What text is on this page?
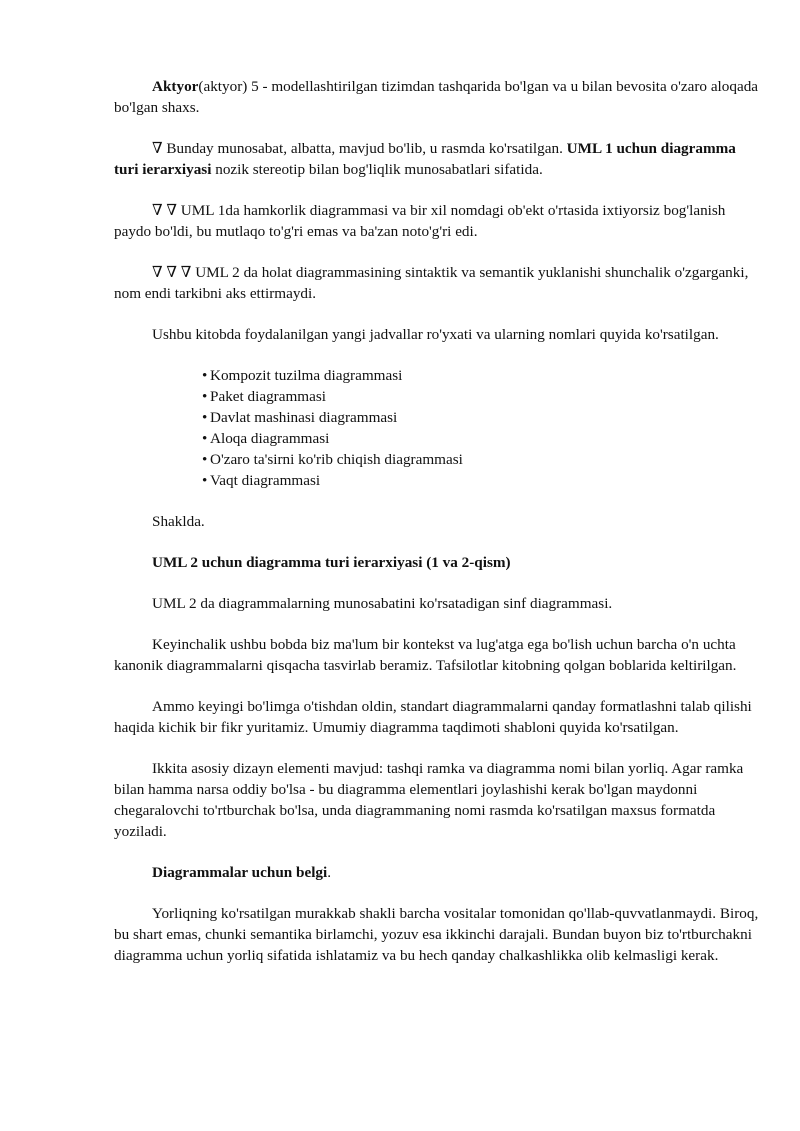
Aktyor(aktyor) 5 - modellashtirilgan tizimdan tashqarida bo'lgan va u bilan bevosita o'zaro aloqada bo'lgan shaxs.

∇ Bunday munosabat, albatta, mavjud bo'lib, u rasmda ko'rsatilgan. UML 1 uchun diagramma turi ierarxiyasi nozik stereotip bilan bog'liqlik munosabatlari sifatida.

∇ ∇ UML 1da hamkorlik diagrammasi va bir xil nomdagi ob'ekt o'rtasida ixtiyorsiz bog'lanish paydo bo'ldi, bu mutlaqo to'g'ri emas va ba'zan noto'g'ri edi.

∇ ∇ ∇ UML 2 da holat diagrammasining sintaktik va semantik yuklanishi shunchalik o'zgarganki, nom endi tarkibni aks ettirmaydi.

Ushbu kitobda foydalanilgan yangi jadvallar ro'yxati va ularning nomlari quyida ko'rsatilgan.

• Kompozit tuzilma diagrammasi
• Paket diagrammasi
• Davlat mashinasi diagrammasi
• Aloqa diagrammasi
• O'zaro ta'sirni ko'rib chiqish diagrammasi
• Vaqt diagrammasi

Shaklda.

UML 2 uchun diagramma turi ierarxiyasi (1 va 2-qism)

UML 2 da diagrammalarning munosabatini ko'rsatadigan sinf diagrammasi.

Keyinchalik ushbu bobda biz ma'lum bir kontekst va lug'atga ega bo'lish uchun barcha o'n uchta kanonik diagrammalarni qisqacha tasvirlab beramiz. Tafsilotlar kitobning qolgan boblarida keltirilgan.

Ammo keyingi bo'limga o'tishdan oldin, standart diagrammalarni qanday formatlashni talab qilishi haqida kichik bir fikr yuritamiz. Umumiy diagramma taqdimoti shabloni quyida ko'rsatilgan.

Ikkita asosiy dizayn elementi mavjud: tashqi ramka va diagramma nomi bilan yorliq. Agar ramka bilan hamma narsa oddiy bo'lsa - bu diagramma elementlari joylashishi kerak bo'lgan maydonni chegaralovchi to'rtburchak bo'lsa, unda diagrammaning nomi rasmda ko'rsatilgan maxsus formatda yoziladi.

Diagrammalar uchun belgi.

Yorliqning ko'rsatilgan murakkab shakli barcha vositalar tomonidan qo'llab-quvvatlanmaydi. Biroq, bu shart emas, chunki semantika birlamchi, yozuv esa ikkinchi darajali. Bundan buyon biz to'rtburchakni diagramma uchun yorliq sifatida ishlatamiz va bu hech qanday chalkashlikka olib kelmasligi kerak.
